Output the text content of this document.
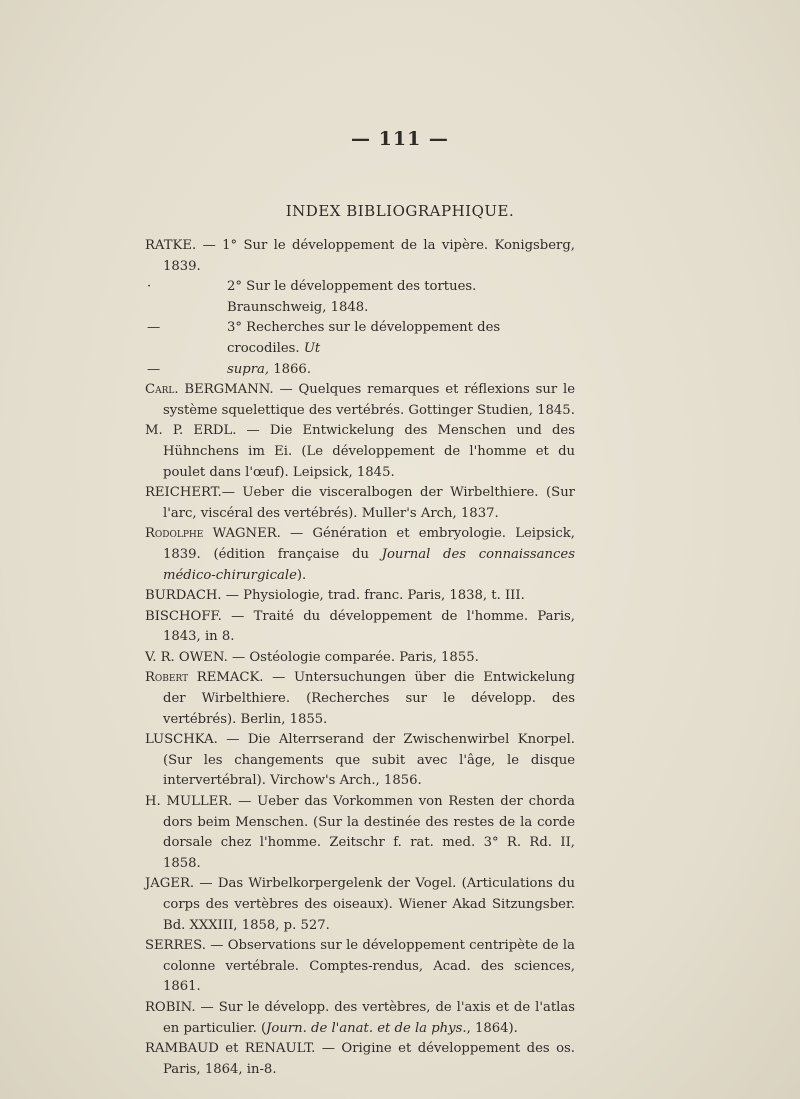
— 111 —
INDEX BIBLIOGRAPHIQUE.
RATKE. — 1° Sur le développement de la vipère. Konigsberg, 1839.
·	2° Sur le développement des tortues. Braunschweig, 1848.
—	3° Recherches sur le développement des crocodiles. Ut
—	supra, 1866.
Carl. BERGMANN. — Quelques remarques et réflexions sur le système squelettique des vertébrés. Gottinger Studien, 1845.
M. P. ERDL. — Die Entwickelung des Menschen und des Hühnchens im Ei. (Le développement de l'homme et du poulet dans l'œuf). Leipsick, 1845.
REICHERT.— Ueber die visceralbogen der Wirbelthiere. (Sur l'arc, viscéral des vertébrés). Muller's Arch, 1837.
Rodolphe WAGNER. — Génération et embryologie. Leipsick, 1839. (édition française du Journal des connaissances médico-chirurgicale).
BURDACH. — Physiologie, trad. franc. Paris, 1838, t. III.
BISCHOFF. — Traité du développement de l'homme. Paris, 1843, in 8.
V. R. OWEN. — Ostéologie comparée. Paris, 1855.
Robert REMACK. — Untersuchungen über die Entwickelung der Wirbelthiere. (Recherches sur le développ. des vertébrés). Berlin, 1855.
LUSCHKA. — Die Alterrserand der Zwischenwirbel Knorpel. (Sur les changements que subit avec l'âge, le disque intervertébral). Virchow's Arch., 1856.
H. MULLER. — Ueber das Vorkommen von Resten der chorda dors beim Menschen. (Sur la destinée des restes de la corde dorsale chez l'homme. Zeitschr f. rat. med. 3° R. Rd. II, 1858.
JAGER. — Das Wirbelkorpergelenk der Vogel. (Articulations du corps des vertèbres des oiseaux). Wiener Akad Sitzungsber. Bd. XXXIII, 1858, p. 527.
SERRES. — Observations sur le développement centripète de la colonne vertébrale. Comptes-rendus, Acad. des sciences, 1861.
ROBIN. — Sur le développ. des vertèbres, de l'axis et de l'atlas en particulier. (Journ. de l'anat. et de la phys., 1864).
RAMBAUD et RENAULT. — Origine et développement des os. Paris, 1864, in-8.
